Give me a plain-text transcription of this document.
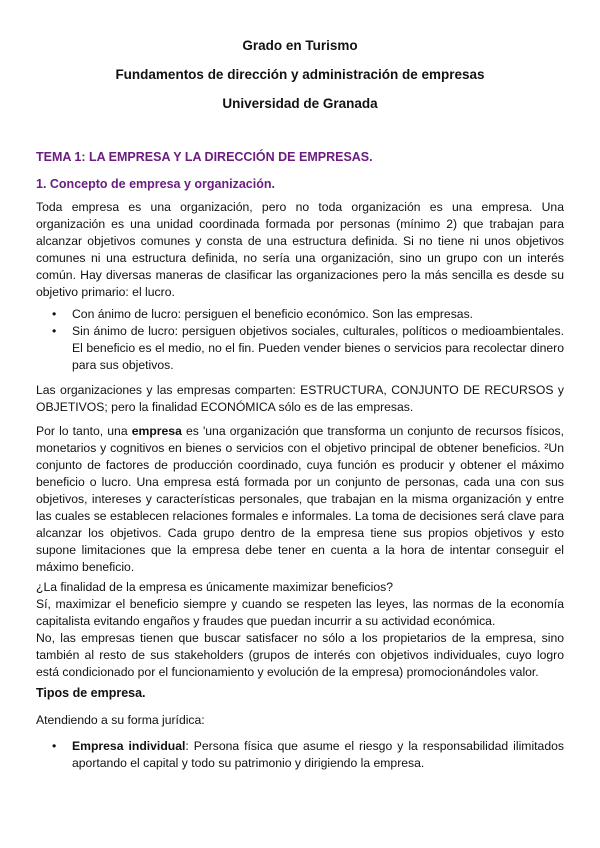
Grado en Turismo
Fundamentos de dirección y administración de empresas
Universidad de Granada
TEMA 1: LA EMPRESA Y LA DIRECCIÓN DE EMPRESAS.
1. Concepto de empresa y organización.
Toda empresa es una organización, pero no toda organización es una empresa. Una organización es una unidad coordinada formada por personas (mínimo 2) que trabajan para alcanzar objetivos comunes y consta de una estructura definida. Si no tiene ni unos objetivos comunes ni una estructura definida, no sería una organización, sino un grupo con un interés común. Hay diversas maneras de clasificar las organizaciones pero la más sencilla es desde su objetivo primario: el lucro.
• Con ánimo de lucro: persiguen el beneficio económico. Son las empresas.
• Sin ánimo de lucro: persiguen objetivos sociales, culturales, políticos o medioambientales. El beneficio es el medio, no el fin. Pueden vender bienes o servicios para recolectar dinero para sus objetivos.
Las organizaciones y las empresas comparten: ESTRUCTURA, CONJUNTO DE RECURSOS y OBJETIVOS; pero la finalidad ECONÓMICA sólo es de las empresas.
Por lo tanto, una empresa es 'una organización que transforma un conjunto de recursos físicos, monetarios y cognitivos en bienes o servicios con el objetivo principal de obtener beneficios. ²Un conjunto de factores de producción coordinado, cuya función es producir y obtener el máximo beneficio o lucro. Una empresa está formada por un conjunto de personas, cada una con sus objetivos, intereses y características personales, que trabajan en la misma organización y entre las cuales se establecen relaciones formales e informales. La toma de decisiones será clave para alcanzar los objetivos. Cada grupo dentro de la empresa tiene sus propios objetivos y esto supone limitaciones que la empresa debe tener en cuenta a la hora de intentar conseguir el máximo beneficio.
¿La finalidad de la empresa es únicamente maximizar beneficios?
Sí, maximizar el beneficio siempre y cuando se respeten las leyes, las normas de la economía capitalista evitando engaños y fraudes que puedan incurrir a su actividad económica.
No, las empresas tienen que buscar satisfacer no sólo a los propietarios de la empresa, sino también al resto de sus stakeholders (grupos de interés con objetivos individuales, cuyo logro está condicionado por el funcionamiento y evolución de la empresa) promocionándoles valor.
Tipos de empresa.
Atendiendo a su forma jurídica:
• Empresa individual: Persona física que asume el riesgo y la responsabilidad ilimitados aportando el capital y todo su patrimonio y dirigiendo la empresa.
